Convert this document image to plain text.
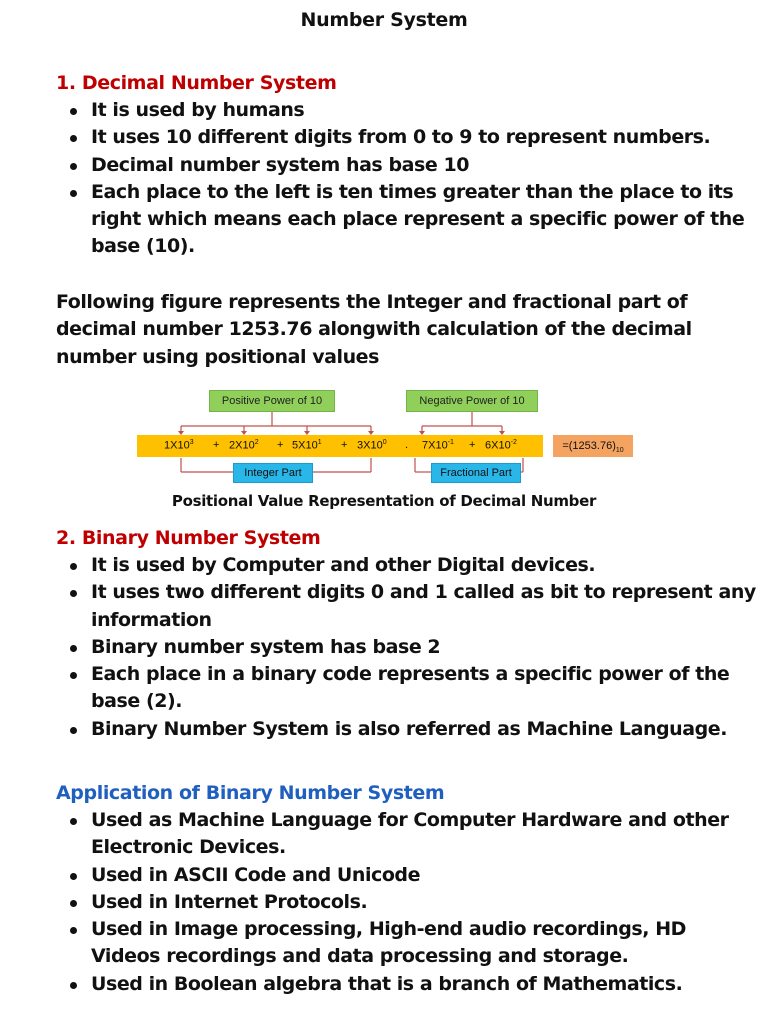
Number System
1. Decimal Number System
It is used by humans
It uses 10 different digits from 0 to 9 to represent numbers.
Decimal number system has base 10
Each place to the left is ten times greater than the place to its right which means each place represent a specific power of the base (10).

Following figure represents the Integer and fractional part of decimal number 1253.76 alongwith calculation of the decimal number using positional values

Positive Power of 10	Negative Power of 10
$1X10^3 + 2X10^2 + 5X10^1 + 3X10^0$ . $7X10^{-1} + 6X10^{-2}$	$=(1253.76)_{10}$
Integer Part	Fractional Part
Positional Value Representation of Decimal Number
2. Binary Number System
It is used by Computer and other Digital devices.
It uses two different digits 0 and 1 called as bit to represent any information
Binary number system has base 2
Each place in a binary code represents a specific power of the base (2).
Binary Number System is also referred as Machine Language.
Application of Binary Number System
Used as Machine Language for Computer Hardware and other Electronic Devices.
Used in ASCII Code and Unicode
Used in Internet Protocols.
Used in Image processing, High-end audio recordings, HD Videos recordings and data processing and storage.
Used in Boolean algebra that is a branch of Mathematics.
